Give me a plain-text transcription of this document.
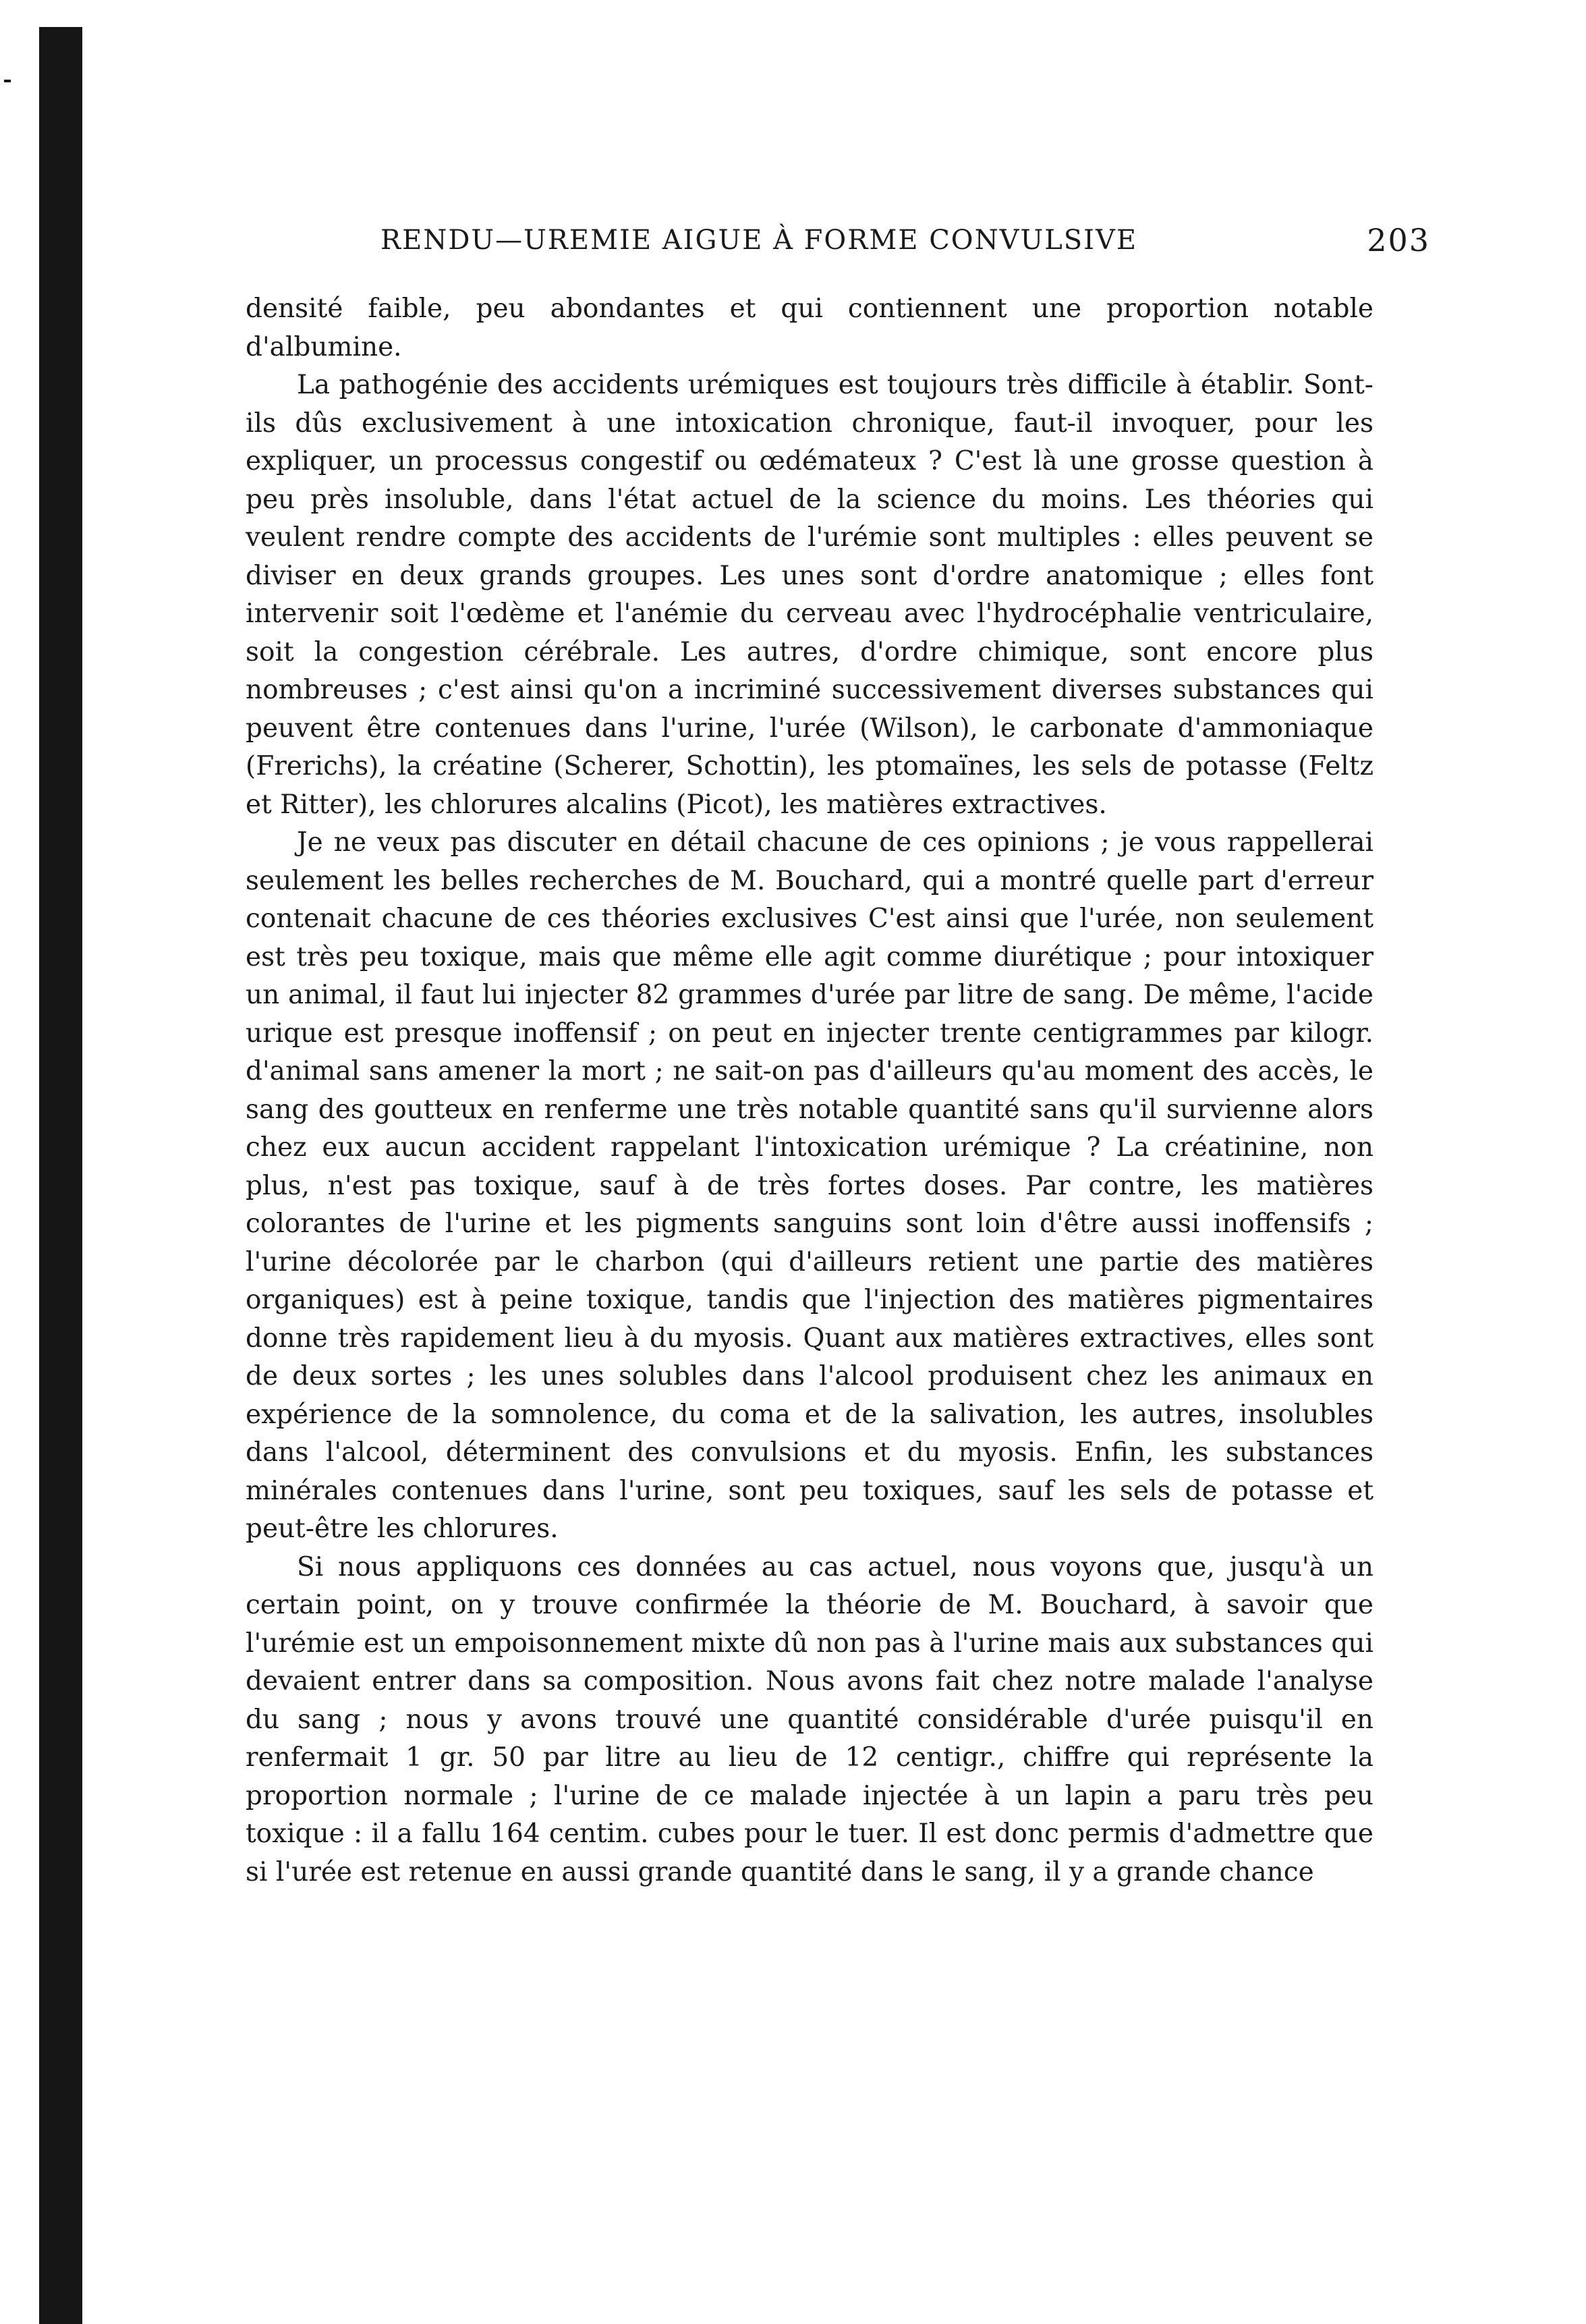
RENDU—UREMIE AIGUE À FORME CONVULSIVE	203

densité faible, peu abondantes et qui contiennent une proportion notable d'albumine.

La pathogénie des accidents urémiques est toujours très difficile à établir. Sont-ils dûs exclusivement à une intoxication chronique, faut-il invoquer, pour les expliquer, un processus congestif ou œdémateux ? C'est là une grosse question à peu près insoluble, dans l'état actuel de la science du moins. Les théories qui veulent rendre compte des accidents de l'urémie sont multiples : elles peuvent se diviser en deux grands groupes. Les unes sont d'ordre anatomique ; elles font intervenir soit l'œdème et l'anémie du cerveau avec l'hydrocéphalie ventriculaire, soit la congestion cérébrale. Les autres, d'ordre chimique, sont encore plus nombreuses ; c'est ainsi qu'on a incriminé successivement diverses substances qui peuvent être contenues dans l'urine, l'urée (Wilson), le carbonate d'ammoniaque (Frerichs), la créatine (Scherer, Schottin), les ptomaïnes, les sels de potasse (Feltz et Ritter), les chlorures alcalins (Picot), les matières extractives.

Je ne veux pas discuter en détail chacune de ces opinions ; je vous rappellerai seulement les belles recherches de M. Bouchard, qui a montré quelle part d'erreur contenait chacune de ces théories exclusives C'est ainsi que l'urée, non seulement est très peu toxique, mais que même elle agit comme diurétique ; pour intoxiquer un animal, il faut lui injecter 82 grammes d'urée par litre de sang. De même, l'acide urique est presque inoffensif ; on peut en injecter trente centigrammes par kilogr. d'animal sans amener la mort ; ne sait-on pas d'ailleurs qu'au moment des accès, le sang des goutteux en renferme une très notable quantité sans qu'il survienne alors chez eux aucun accident rappelant l'intoxication urémique ? La créatinine, non plus, n'est pas toxique, sauf à de très fortes doses. Par contre, les matières colorantes de l'urine et les pigments sanguins sont loin d'être aussi inoffensifs ; l'urine décolorée par le charbon (qui d'ailleurs retient une partie des matières organiques) est à peine toxique, tandis que l'injection des matières pigmentaires donne très rapidement lieu à du myosis. Quant aux matières extractives, elles sont de deux sortes ; les unes solubles dans l'alcool produisent chez les animaux en expérience de la somnolence, du coma et de la salivation, les autres, insolubles dans l'alcool, déterminent des convulsions et du myosis. Enfin, les substances minérales contenues dans l'urine, sont peu toxiques, sauf les sels de potasse et peut-être les chlorures.

Si nous appliquons ces données au cas actuel, nous voyons que, jusqu'à un certain point, on y trouve confirmée la théorie de M. Bouchard, à savoir que l'urémie est un empoisonnement mixte dû non pas à l'urine mais aux substances qui devaient entrer dans sa composition. Nous avons fait chez notre malade l'analyse du sang ; nous y avons trouvé une quantité considérable d'urée puisqu'il en renfermait 1 gr. 50 par litre au lieu de 12 centigr., chiffre qui représente la proportion normale ; l'urine de ce malade injectée à un lapin a paru très peu toxique : il a fallu 164 centim. cubes pour le tuer. Il est donc permis d'admettre que si l'urée est retenue en aussi grande quantité dans le sang, il y a grande chance
